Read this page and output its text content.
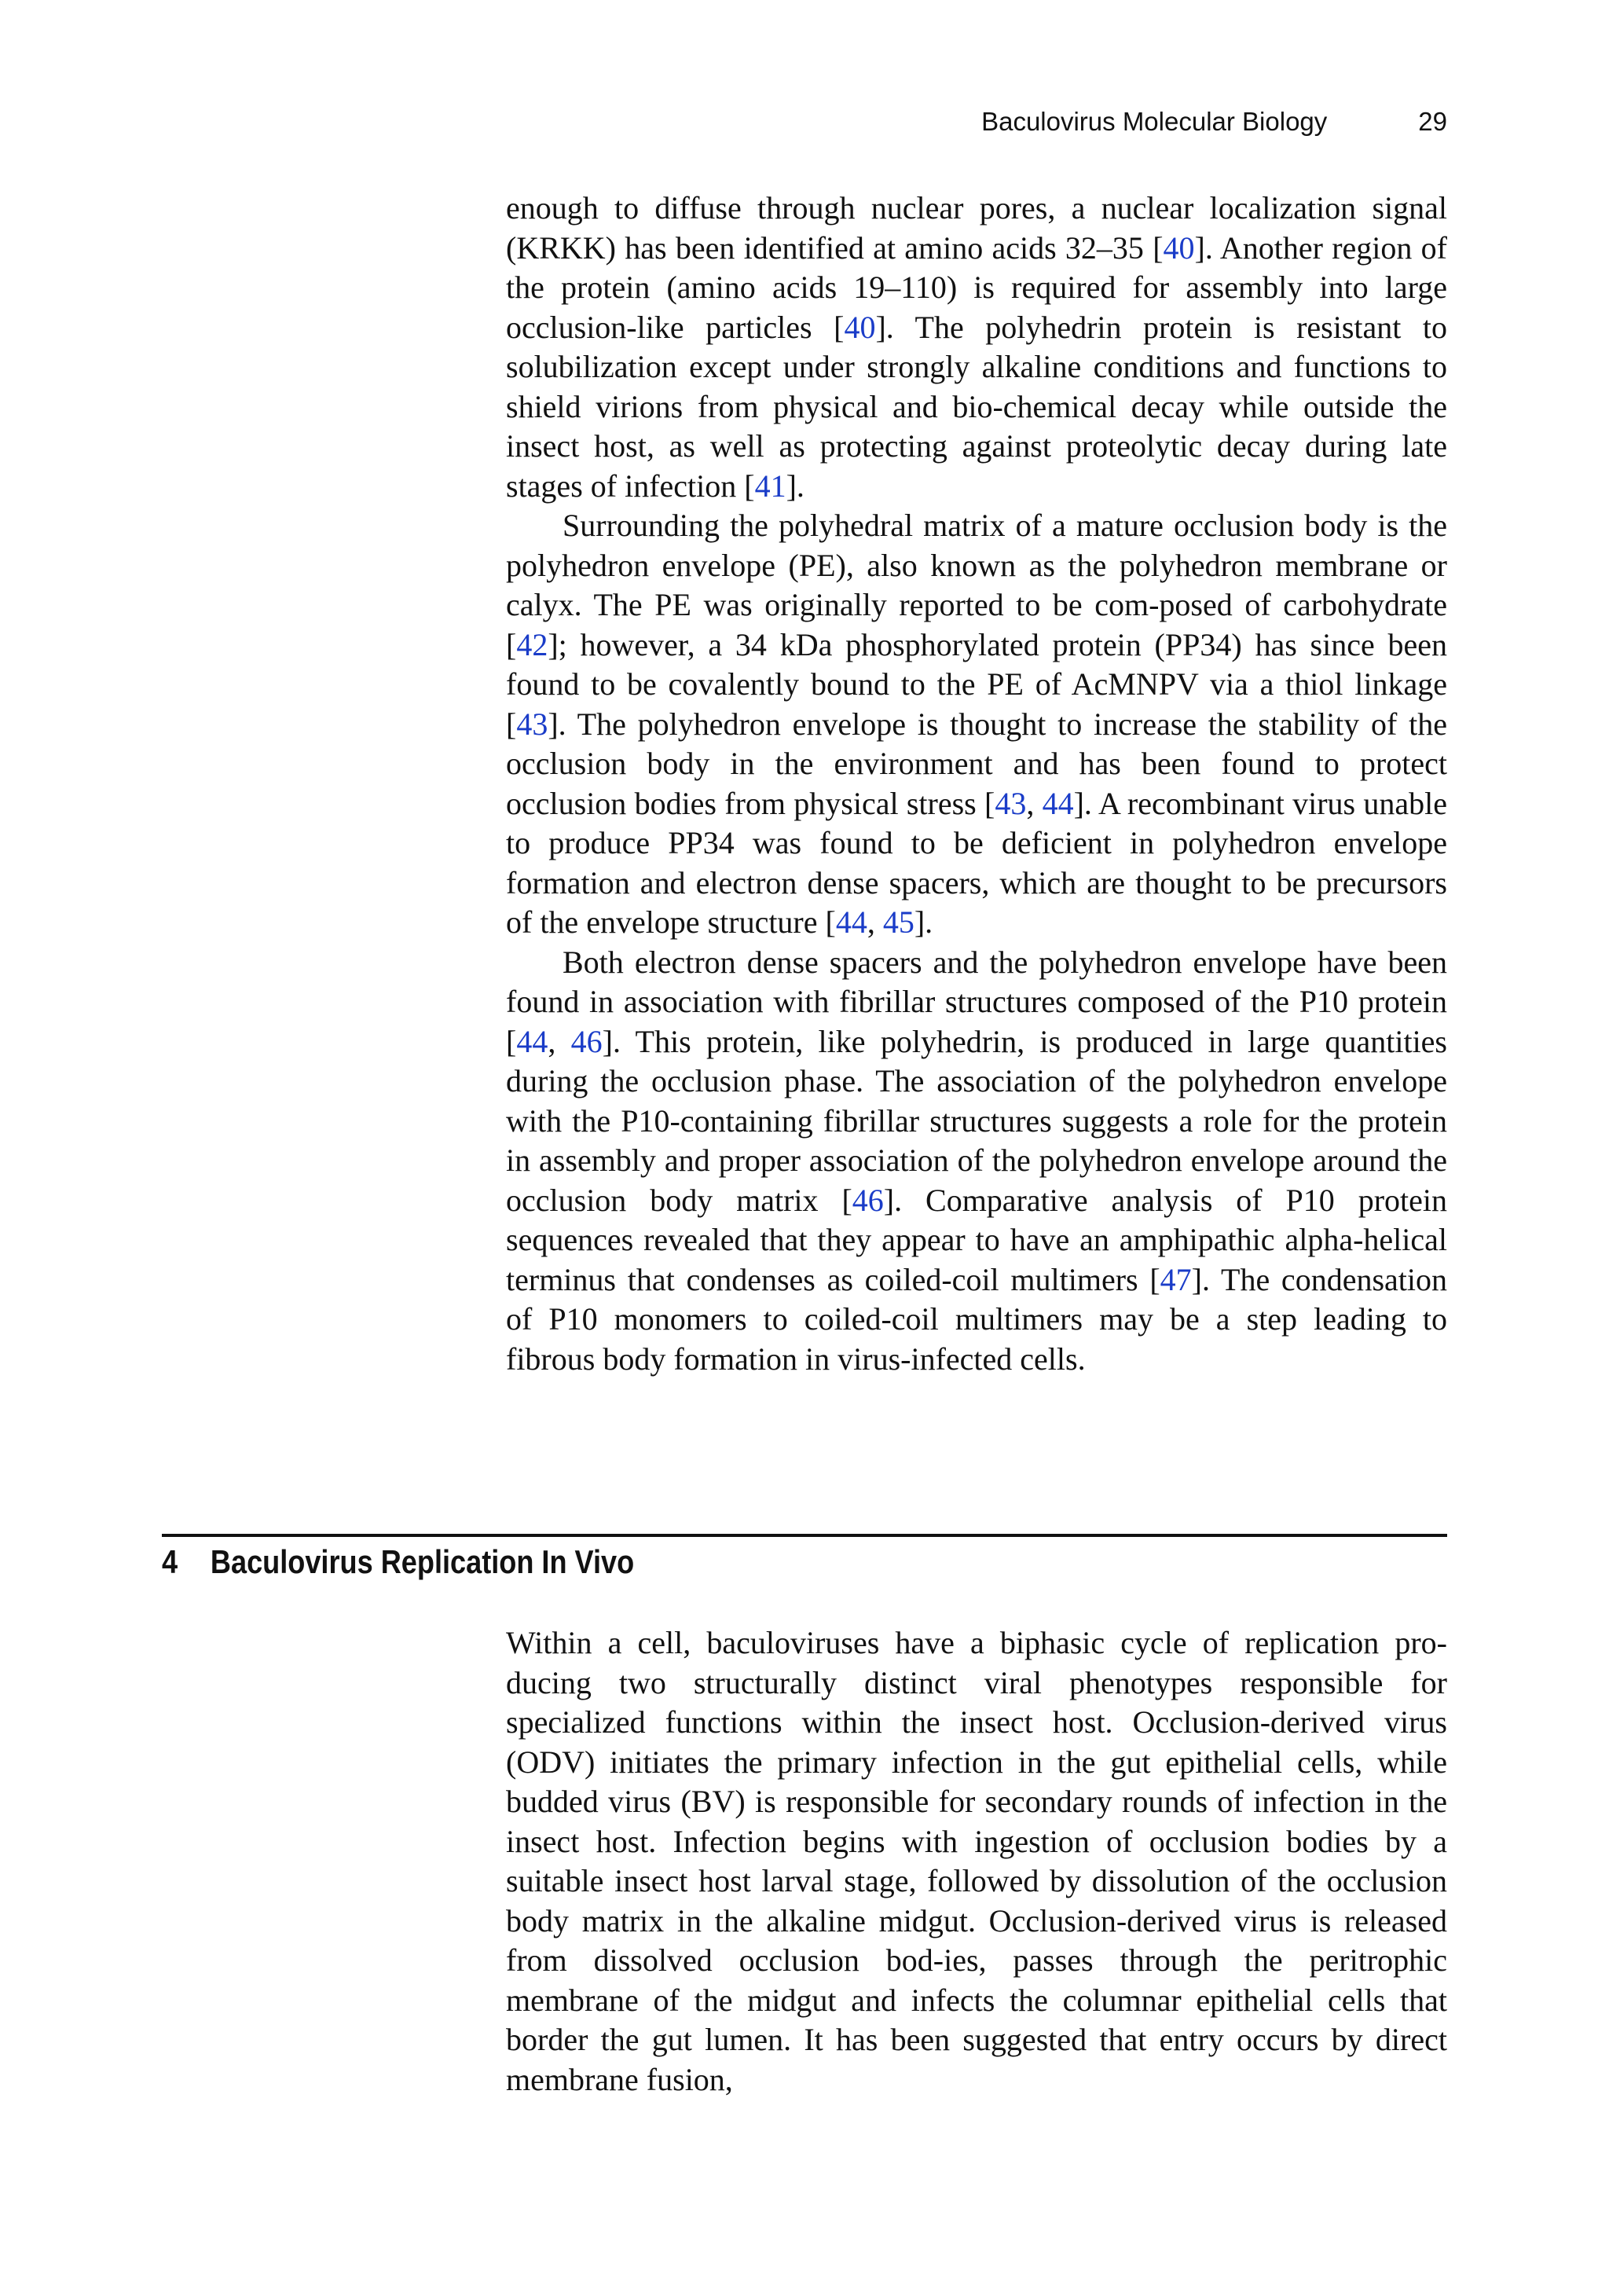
Baculovirus Molecular Biology	29

enough to diffuse through nuclear pores, a nuclear localization signal (KRKK) has been identified at amino acids 32–35 [40]. Another region of the protein (amino acids 19–110) is required for assembly into large occlusion-like particles [40]. The polyhedrin protein is resistant to solubilization except under strongly alkaline conditions and functions to shield virions from physical and bio-chemical decay while outside the insect host, as well as protecting against proteolytic decay during late stages of infection [41].

Surrounding the polyhedral matrix of a mature occlusion body is the polyhedron envelope (PE), also known as the polyhedron membrane or calyx. The PE was originally reported to be com-posed of carbohydrate [42]; however, a 34 kDa phosphorylated protein (PP34) has since been found to be covalently bound to the PE of AcMNPV via a thiol linkage [43]. The polyhedron envelope is thought to increase the stability of the occlusion body in the environment and has been found to protect occlusion bodies from physical stress [43, 44]. A recombinant virus unable to produce PP34 was found to be deficient in polyhedron envelope formation and electron dense spacers, which are thought to be precursors of the envelope structure [44, 45].

Both electron dense spacers and the polyhedron envelope have been found in association with fibrillar structures composed of the P10 protein [44, 46]. This protein, like polyhedrin, is produced in large quantities during the occlusion phase. The association of the polyhedron envelope with the P10-containing fibrillar structures suggests a role for the protein in assembly and proper association of the polyhedron envelope around the occlusion body matrix [46]. Comparative analysis of P10 protein sequences revealed that they appear to have an amphipathic alpha-helical terminus that condenses as coiled-coil multimers [47]. The condensation of P10 monomers to coiled-coil multimers may be a step leading to fibrous body formation in virus-infected cells.

4 Baculovirus Replication In Vivo

Within a cell, baculoviruses have a biphasic cycle of replication pro-ducing two structurally distinct viral phenotypes responsible for specialized functions within the insect host. Occlusion-derived virus (ODV) initiates the primary infection in the gut epithelial cells, while budded virus (BV) is responsible for secondary rounds of infection in the insect host. Infection begins with ingestion of occlusion bodies by a suitable insect host larval stage, followed by dissolution of the occlusion body matrix in the alkaline midgut. Occlusion-derived virus is released from dissolved occlusion bod-ies, passes through the peritrophic membrane of the midgut and infects the columnar epithelial cells that border the gut lumen. It has been suggested that entry occurs by direct membrane fusion,
